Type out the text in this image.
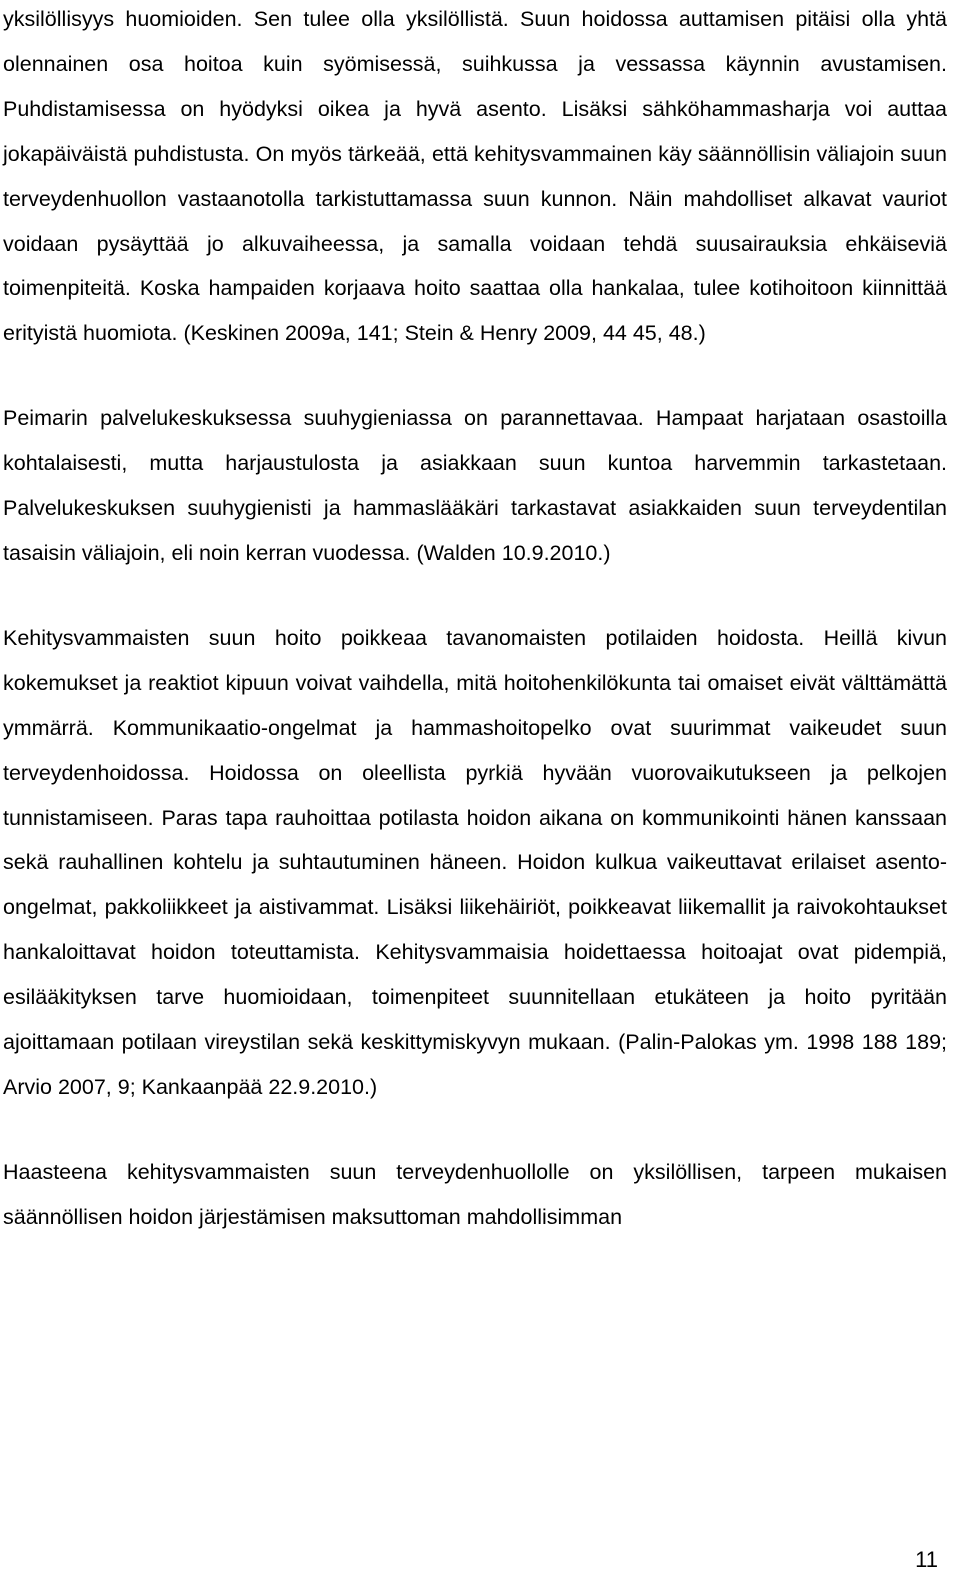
yksilöllisyys huomioiden. Sen tulee olla yksilöllistä. Suun hoidossa auttamisen pitäisi olla yhtä olennainen osa hoitoa kuin syömisessä, suihkussa ja vessassa käynnin avustamisen. Puhdistamisessa on hyödyksi oikea ja hyvä asento. Lisäksi sähköhammasharja voi auttaa jokapäiväistä puhdistusta. On myös tärkeää, että kehitysvammainen käy säännöllisin väliajoin suun terveydenhuollon vastaanotolla tarkistuttamassa suun kunnon. Näin mahdolliset alkavat vauriot voidaan pysäyttää jo alkuvaiheessa, ja samalla voidaan tehdä suusairauksia ehkäiseviä toimenpiteitä. Koska hampaiden korjaava hoito saattaa olla hankalaa, tulee kotihoitoon kiinnittää erityistä huomiota. (Keskinen 2009a, 141; Stein & Henry 2009, 44 45, 48.)

Peimarin palvelukeskuksessa suuhygieniassa on parannettavaa. Hampaat harjataan osastoilla kohtalaisesti, mutta harjaustulosta ja asiakkaan suun kuntoa harvemmin tarkastetaan. Palvelukeskuksen suuhygienisti ja hammaslääkäri tarkastavat asiakkaiden suun terveydentilan tasaisin väliajoin, eli noin kerran vuodessa. (Walden 10.9.2010.)

Kehitysvammaisten suun hoito poikkeaa tavanomaisten potilaiden hoidosta. Heillä kivun kokemukset ja reaktiot kipuun voivat vaihdella, mitä hoitohenkilökunta tai omaiset eivät välttämättä ymmärrä. Kommunikaatio-ongelmat ja hammashoitopelko ovat suurimmat vaikeudet suun terveydenhoidossa. Hoidossa on oleellista pyrkiä hyvään vuorovaikutukseen ja pelkojen tunnistamiseen. Paras tapa rauhoittaa potilasta hoidon aikana on kommunikointi hänen kanssaan sekä rauhallinen kohtelu ja suhtautuminen häneen. Hoidon kulkua vaikeuttavat erilaiset asento-ongelmat, pakkoliikkeet ja aistivammat. Lisäksi liikehäiriöt, poikkeavat liikemallit ja raivokohtaukset hankaloittavat hoidon toteuttamista. Kehitysvammaisia hoidettaessa hoitoajat ovat pidempiä, esilääkityksen tarve huomioidaan, toimenpiteet suunnitellaan etukäteen ja hoito pyritään ajoittamaan potilaan vireystilan sekä keskittymiskyvyn mukaan. (Palin-Palokas ym. 1998 188 189; Arvio 2007, 9; Kankaanpää 22.9.2010.)

Haasteena kehitysvammaisten suun terveydenhuollolle on yksilöllisen, tarpeen mukaisen säännöllisen hoidon järjestämisen maksuttoman mahdollisimman

11
